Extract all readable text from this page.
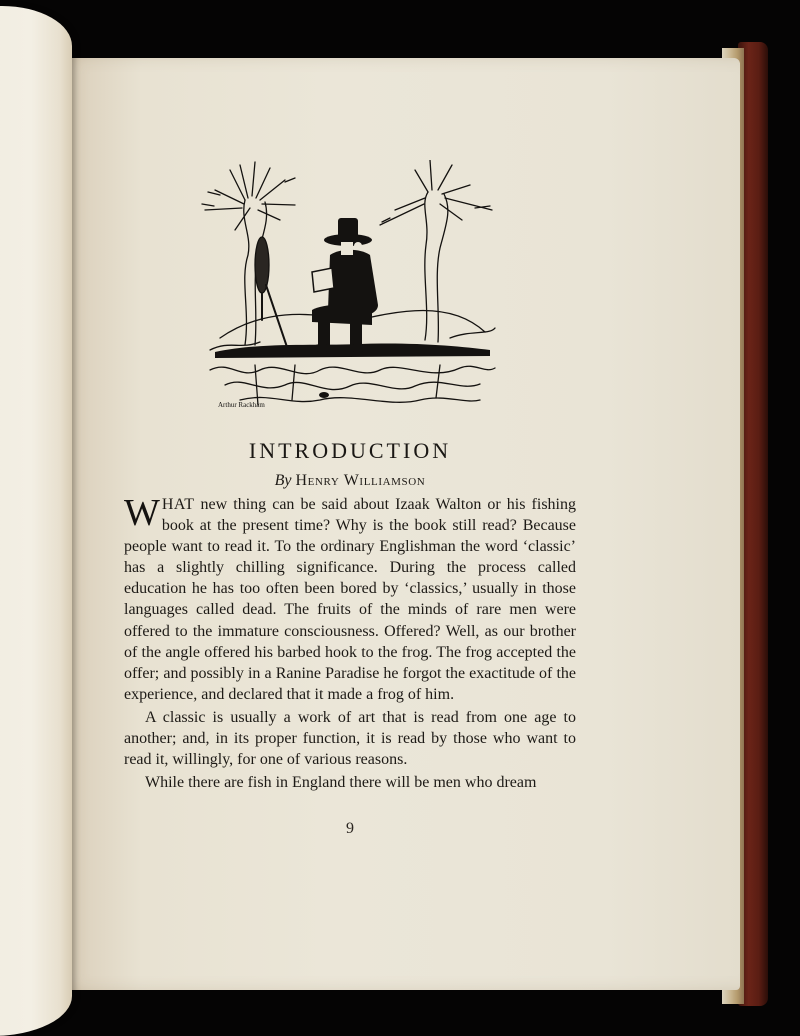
Arthur Rackham
INTRODUCTION
By Henry Williamson

WHAT new thing can be said about Izaak Walton or his fishing book at the present time? Why is the book still read? Because people want to read it. To the ordinary Englishman the word ‘classic’ has a slightly chilling significance. During the process called education he has too often been bored by ‘classics,’ usually in those languages called dead. The fruits of the minds of rare men were offered to the immature consciousness. Offered? Well, as our brother of the angle offered his barbed hook to the frog. The frog accepted the offer; and possibly in a Ranine Paradise he forgot the exactitude of the experience, and declared that it made a frog of him.

A classic is usually a work of art that is read from one age to another; and, in its proper function, it is read by those who want to read it, willingly, for one of various reasons.

While there are fish in England there will be men who dream

9
